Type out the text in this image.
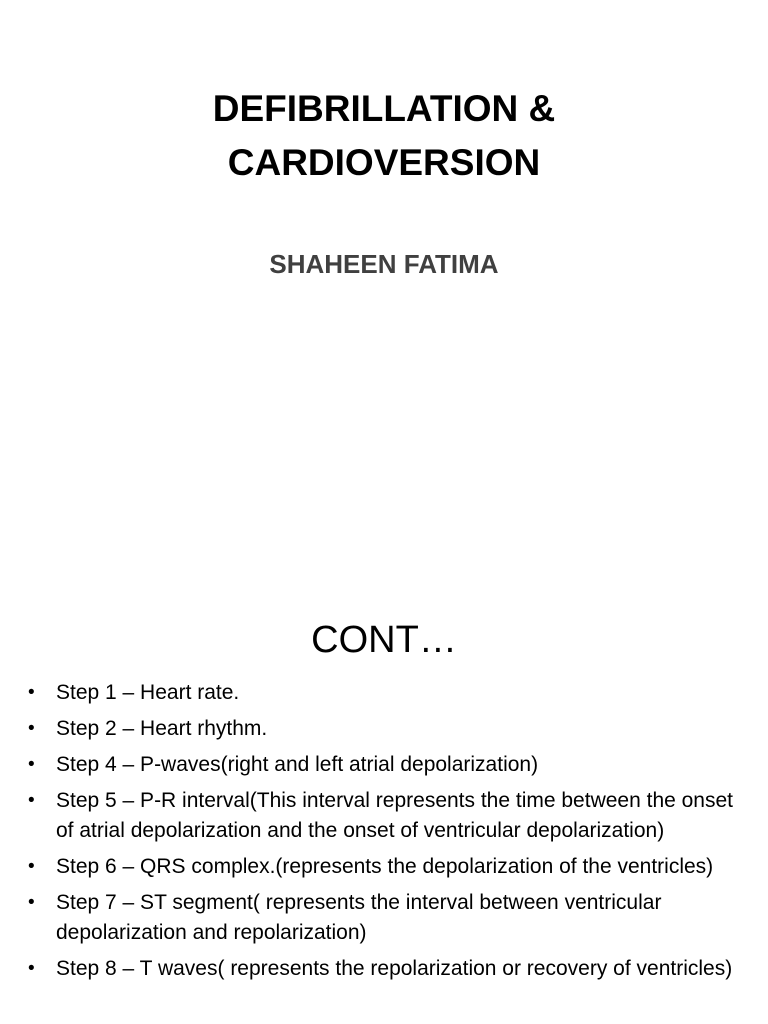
DEFIBRILLATION &
CARDIOVERSION
SHAHEEN FATIMA
CONT…
• Step 1 – Heart rate.
• Step 2 – Heart rhythm.
• Step 4 – P-waves(right and left atrial depolarization)
• Step 5 – P-R interval(This interval represents the time between the onset of atrial depolarization and the onset of ventricular depolarization)
• Step 6 – QRS complex.(represents the depolarization of the ventricles)
• Step 7 – ST segment( represents the interval between ventricular depolarization and repolarization)
• Step 8 – T waves( represents the repolarization or recovery of ventricles)
